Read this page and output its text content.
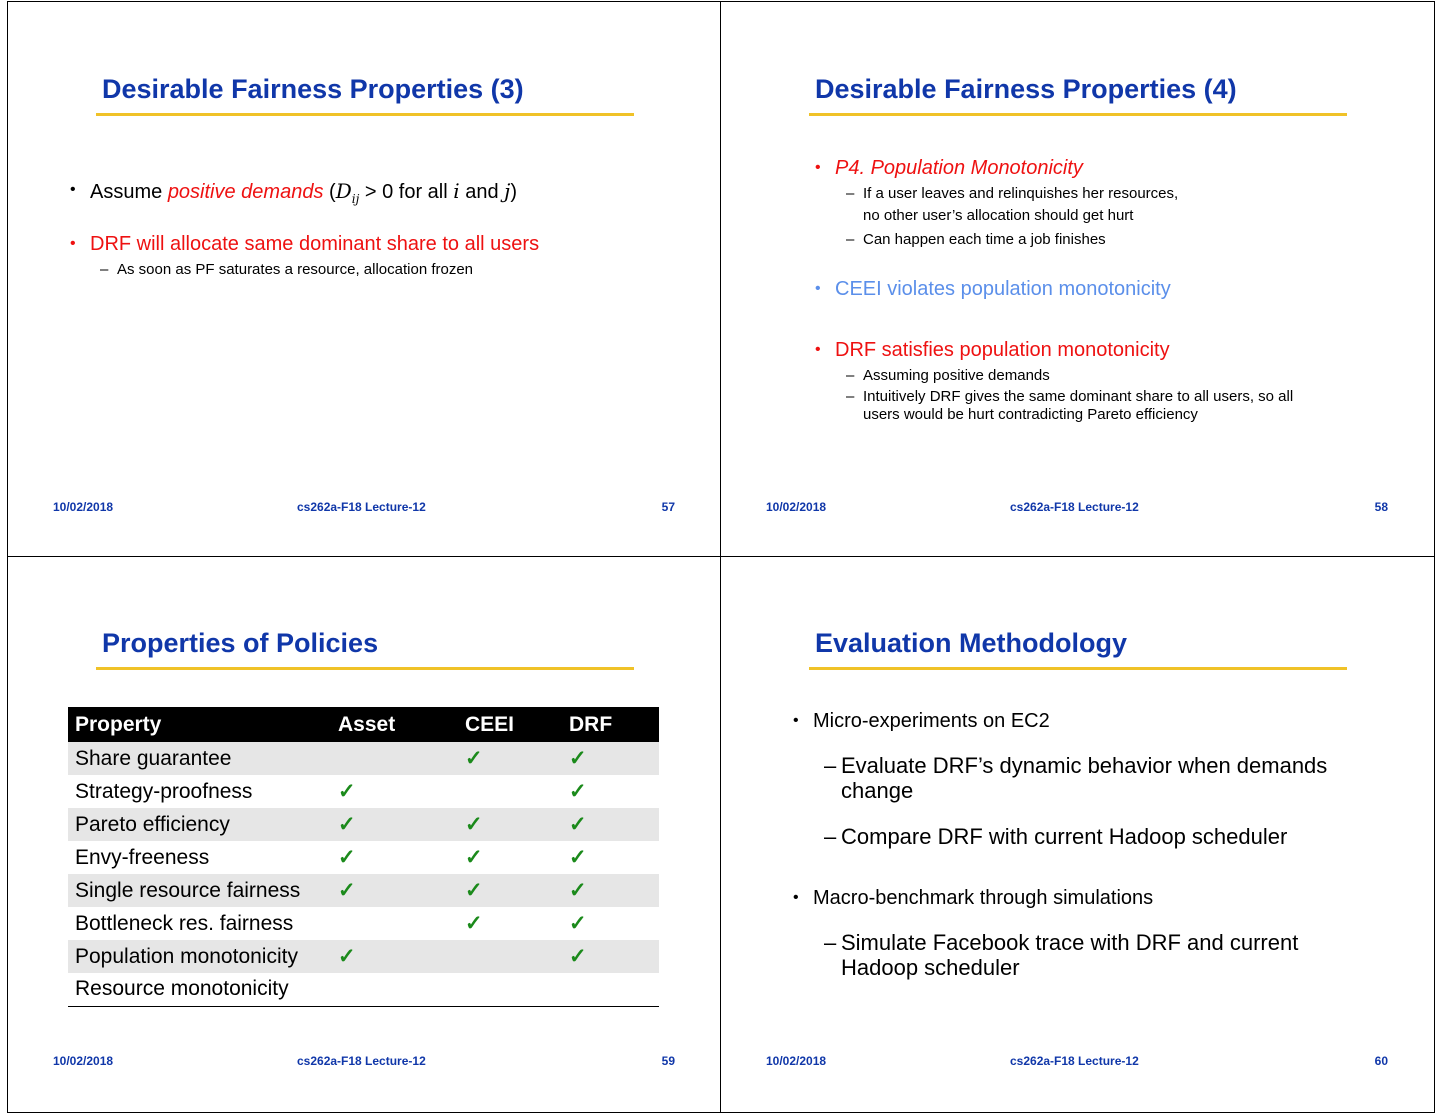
Desirable Fairness Properties (3)
• Assume positive demands ($D_{ij} > 0$ for all i and j)
• DRF will allocate same dominant share to all users
– As soon as PF saturates a resource, allocation frozen
10/02/2018	cs262a-F18 Lecture-12	57
Desirable Fairness Properties (4)
• P4. Population Monotonicity
– If a user leaves and relinquishes her resources,
no other user’s allocation should get hurt
– Can happen each time a job finishes
• CEEI violates population monotonicity
• DRF satisfies population monotonicity
– Assuming positive demands
– Intuitively DRF gives the same dominant share to all users, so all
users would be hurt contradicting Pareto efficiency
10/02/2018	cs262a-F18 Lecture-12	58
Properties of Policies
Property	Asset	CEEI	DRF
Share guarantee		✓	✓
Strategy-proofness	✓		✓
Pareto efficiency	✓	✓	✓
Envy-freeness	✓	✓	✓
Single resource fairness	✓	✓	✓
Bottleneck res. fairness		✓	✓
Population monotonicity	✓		✓
Resource monotonicity			
10/02/2018	cs262a-F18 Lecture-12	59
Evaluation Methodology
• Micro-experiments on EC2
– Evaluate DRF’s dynamic behavior when demands
change
– Compare DRF with current Hadoop scheduler
• Macro-benchmark through simulations
– Simulate Facebook trace with DRF and current
Hadoop scheduler
10/02/2018	cs262a-F18 Lecture-12	60
